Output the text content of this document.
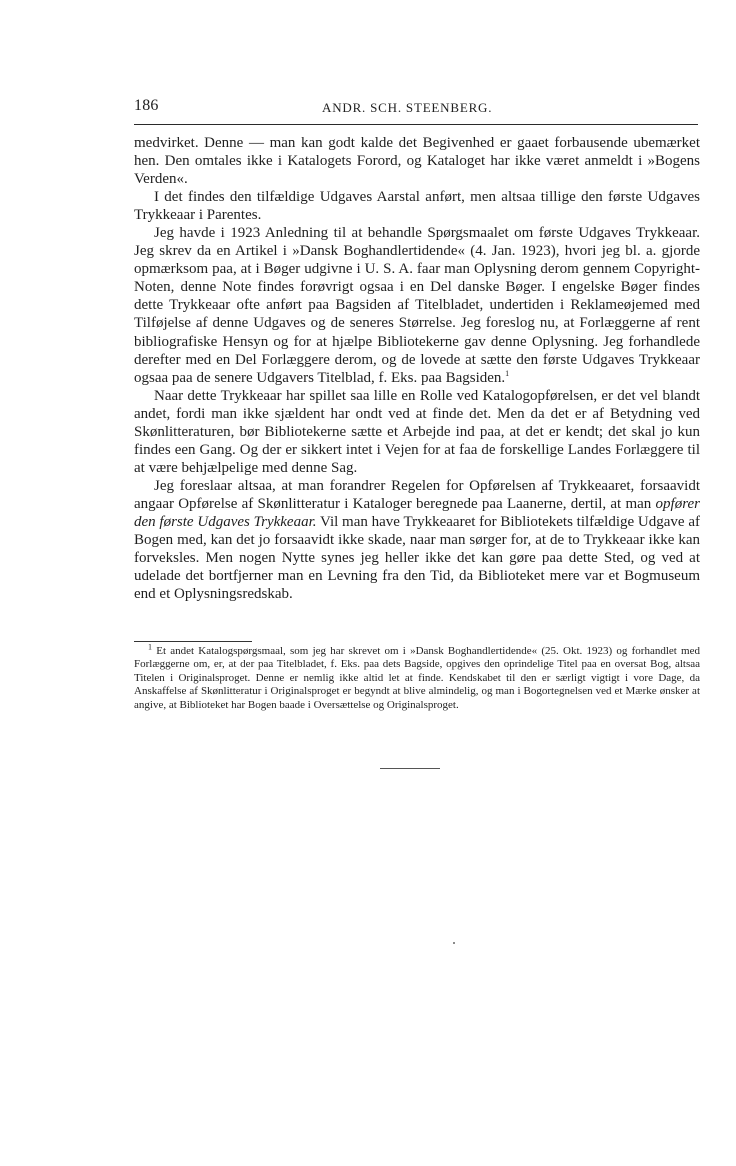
186	ANDR. SCH. STEENBERG.

medvirket. Denne — man kan godt kalde det Begivenhed er gaaet forbausende ubemærket hen. Den omtales ikke i Katalogets Forord, og Kataloget har ikke været anmeldt i »Bogens Verden«.

I det findes den tilfældige Udgaves Aarstal anført, men altsaa tillige den første Udgaves Trykkeaar i Parentes.

Jeg havde i 1923 Anledning til at behandle Spørgsmaalet om første Udgaves Trykkeaar. Jeg skrev da en Artikel i »Dansk Boghandlertidende« (4. Jan. 1923), hvori jeg bl. a. gjorde opmærksom paa, at i Bøger udgivne i U. S. A. faar man Oplysning derom gennem Copyright-Noten, denne Note findes forøvrigt ogsaa i en Del danske Bøger. I engelske Bøger findes dette Trykkeaar ofte anført paa Bagsiden af Titelbladet, undertiden i Reklameøjemed med Tilføjelse af denne Udgaves og de seneres Størrelse. Jeg foreslog nu, at Forlæggerne af rent bibliografiske Hensyn og for at hjælpe Bibliotekerne gav denne Oplysning. Jeg forhandlede derefter med en Del Forlæggere derom, og de lovede at sætte den første Udgaves Trykkeaar ogsaa paa de senere Udgavers Titelblad, f. Eks. paa Bagsiden.$^1$

Naar dette Trykkeaar har spillet saa lille en Rolle ved Katalogopførelsen, er det vel blandt andet, fordi man ikke sjældent har ondt ved at finde det. Men da det er af Betydning ved Skønlitteraturen, bør Bibliotekerne sætte et Arbejde ind paa, at det er kendt; det skal jo kun findes een Gang. Og der er sikkert intet i Vejen for at faa de forskellige Landes Forlæggere til at være behjælpelige med denne Sag.

Jeg foreslaar altsaa, at man forandrer Regelen for Opførelsen af Trykkeaaret, forsaavidt angaar Opførelse af Skønlitteratur i Kataloger beregnede paa Laanerne, dertil, at man opfører den første Udgaves Trykkeaar. Vil man have Trykkeaaret for Bibliotekets tilfældige Udgave af Bogen med, kan det jo forsaavidt ikke skade, naar man sørger for, at de to Trykkeaar ikke kan forveksles. Men nogen Nytte synes jeg heller ikke det kan gøre paa dette Sted, og ved at udelade det bortfjerner man en Levning fra den Tid, da Biblioteket mere var et Bogmuseum end et Oplysningsredskab.

$^1$ Et andet Katalogspørgsmaal, som jeg har skrevet om i »Dansk Boghandlertidende« (25. Okt. 1923) og forhandlet med Forlæggerne om, er, at der paa Titelbladet, f. Eks. paa dets Bagside, opgives den oprindelige Titel paa en oversat Bog, altsaa Titelen i Originalsproget. Denne er nemlig ikke altid let at finde. Kendskabet til den er særligt vigtigt i vore Dage, da Anskaffelse af Skønlitteratur i Originalsproget er begyndt at blive almindelig, og man i Bogortegnelsen ved et Mærke ønsker at angive, at Biblioteket har Bogen baade i Oversættelse og Originalsproget.
